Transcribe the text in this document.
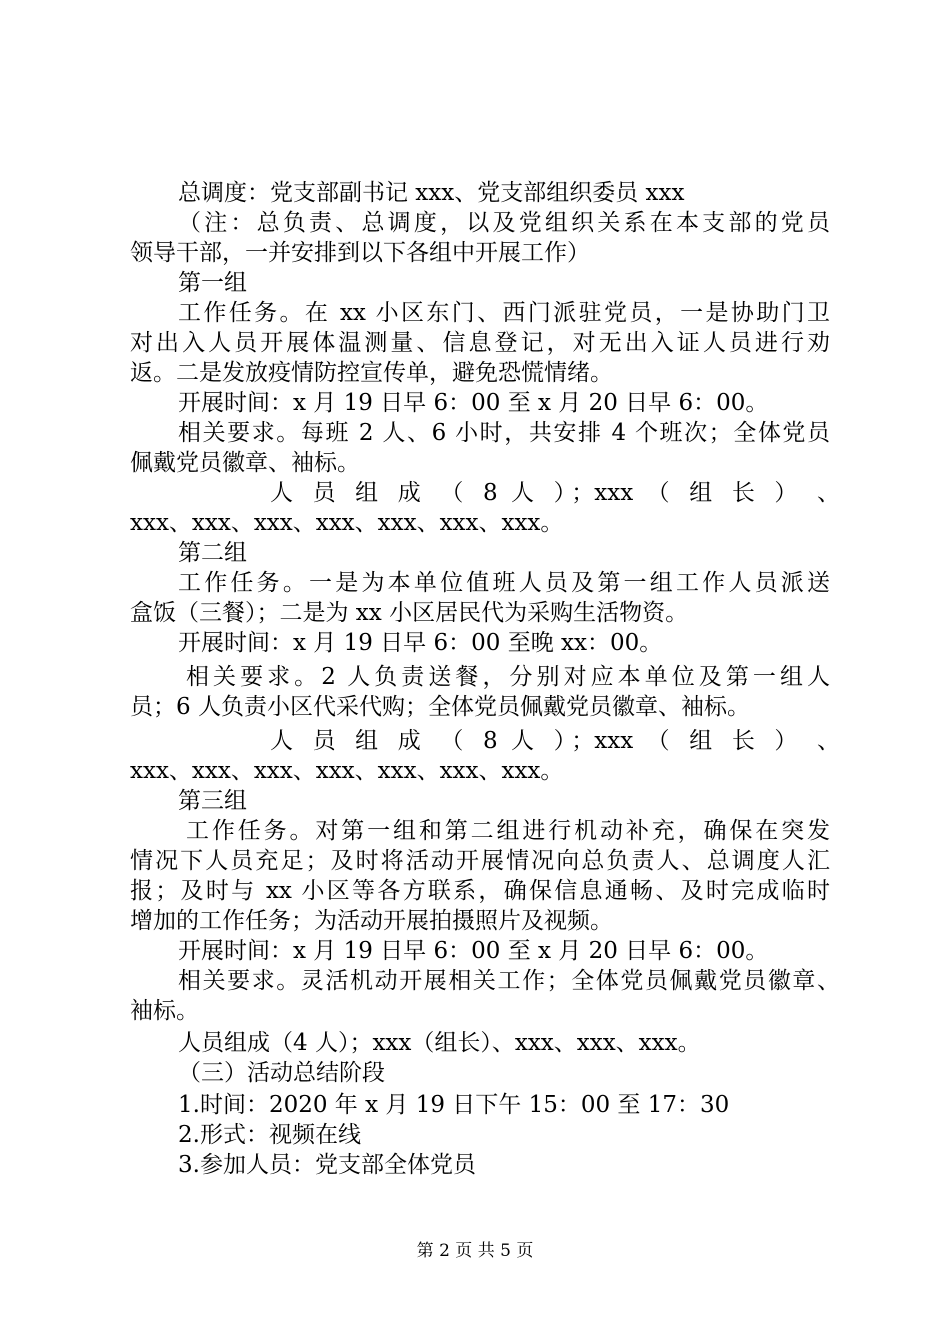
总调度：党支部副书记 xxx、党支部组织委员 xxx
（注：总负责、总调度，以及党组织关系在本支部的党员
领导干部，一并安排到以下各组中开展工作）
第一组
工作任务。在 xx 小区东门、西门派驻党员，一是协助门卫
对出入人员开展体温测量、信息登记，对无出入证人员进行劝
返。二是发放疫情防控宣传单，避免恐慌情绪。
开展时间：x 月 19 日早 6：00 至 x 月 20 日早 6：00。
相关要求。每班 2 人、6 小时，共安排 4 个班次；全体党员
佩戴党员徽章、袖标。
人 员 组 成 （ 8 人 ）；xxx （ 组 长 ） 、
xxx、xxx、xxx、xxx、xxx、xxx、xxx。
第二组
工作任务。一是为本单位值班人员及第一组工作人员派送
盒饭（三餐）；二是为 xx 小区居民代为采购生活物资。
开展时间：x 月 19 日早 6：00 至晚 xx：00。
相关要求。2 人负责送餐，分别对应本单位及第一组人
员；6 人负责小区代采代购；全体党员佩戴党员徽章、袖标。
人 员 组 成 （ 8 人 ）；xxx （ 组 长 ） 、
xxx、xxx、xxx、xxx、xxx、xxx、xxx。
第三组
工作任务。对第一组和第二组进行机动补充，确保在突发
情况下人员充足；及时将活动开展情况向总负责人、总调度人汇
报；及时与 xx 小区等各方联系，确保信息通畅、及时完成临时
增加的工作任务；为活动开展拍摄照片及视频。
开展时间：x 月 19 日早 6：00 至 x 月 20 日早 6：00。
相关要求。灵活机动开展相关工作；全体党员佩戴党员徽章、
袖标。
人员组成（4 人）；xxx（组长）、xxx、xxx、xxx。
（三）活动总结阶段
1.时间：2020 年 x 月 19 日下午 15：00 至 17：30
2.形式：视频在线
3.参加人员：党支部全体党员
第 2 页 共 5 页
